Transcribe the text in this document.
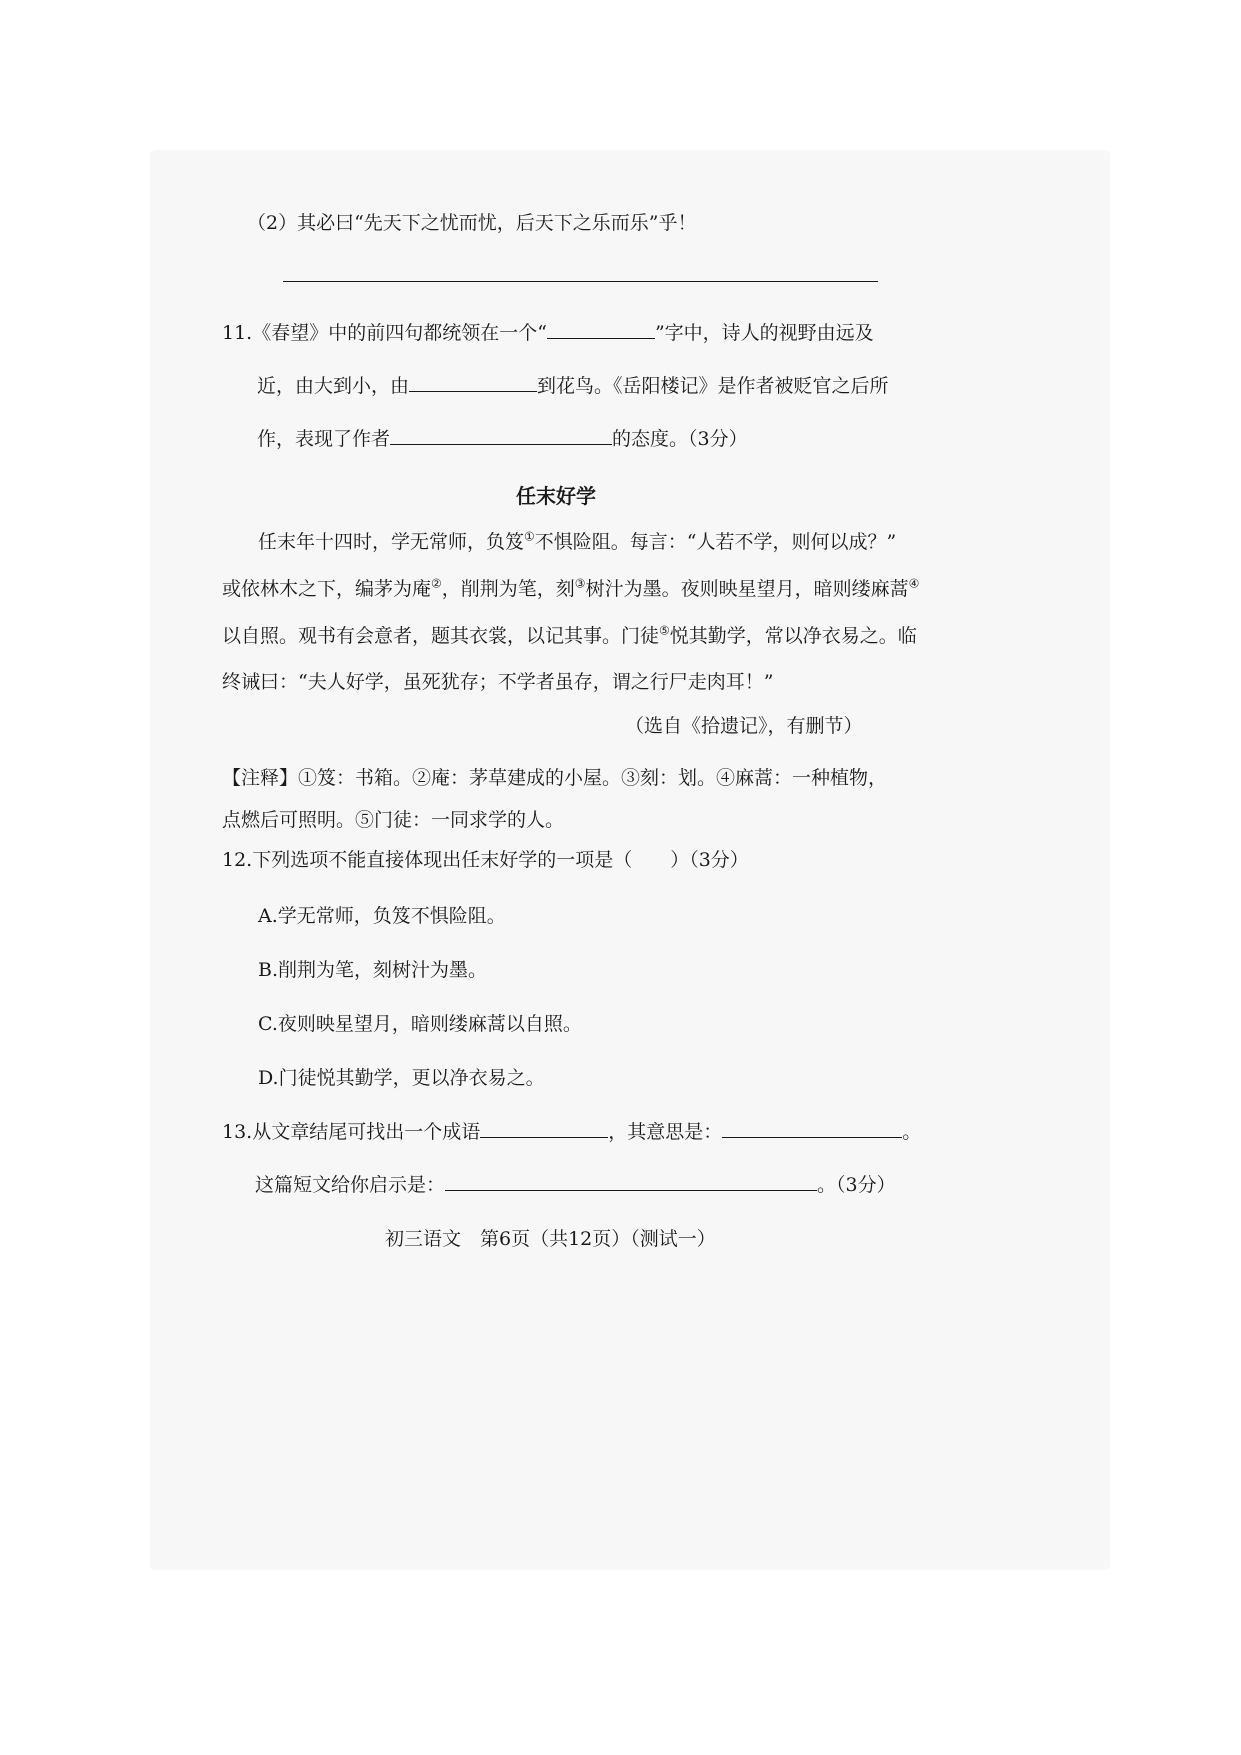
（2）其必曰“先天下之忧而忧，后天下之乐而乐”乎！
11.《春望》中的前四句都统领在一个“	”字中，诗人的视野由远及
近，由大到小，由	到花鸟。《岳阳楼记》是作者被贬官之后所
作，表现了作者	的态度。（3分）
任末好学
任末年十四时，学无常师，负笈①不惧险阻。每言：“人若不学，则何以成？”
或依林木之下，编茅为庵②，削荆为笔，刻③树汁为墨。夜则映星望月，暗则缕麻蒿④
以自照。观书有会意者，题其衣裳，以记其事。门徒⑤悦其勤学，常以净衣易之。临
终诫曰：“夫人好学，虽死犹存；不学者虽存，谓之行尸走肉耳！”
（选自《拾遗记》，有删节）
【注释】①笈：书箱。②庵：茅草建成的小屋。③刻：划。④麻蒿：一种植物，
点燃后可照明。⑤门徒：一同求学的人。
12.下列选项不能直接体现出任末好学的一项是（　　）（3分）
A.学无常师，负笈不惧险阻。
B.削荆为笔，刻树汁为墨。
C.夜则映星望月，暗则缕麻蒿以自照。
D.门徒悦其勤学，更以净衣易之。
13.从文章结尾可找出一个成语	，其意思是：	。
这篇短文给你启示是：	。（3分）
初三语文　第6页（共12页）（测试一）
